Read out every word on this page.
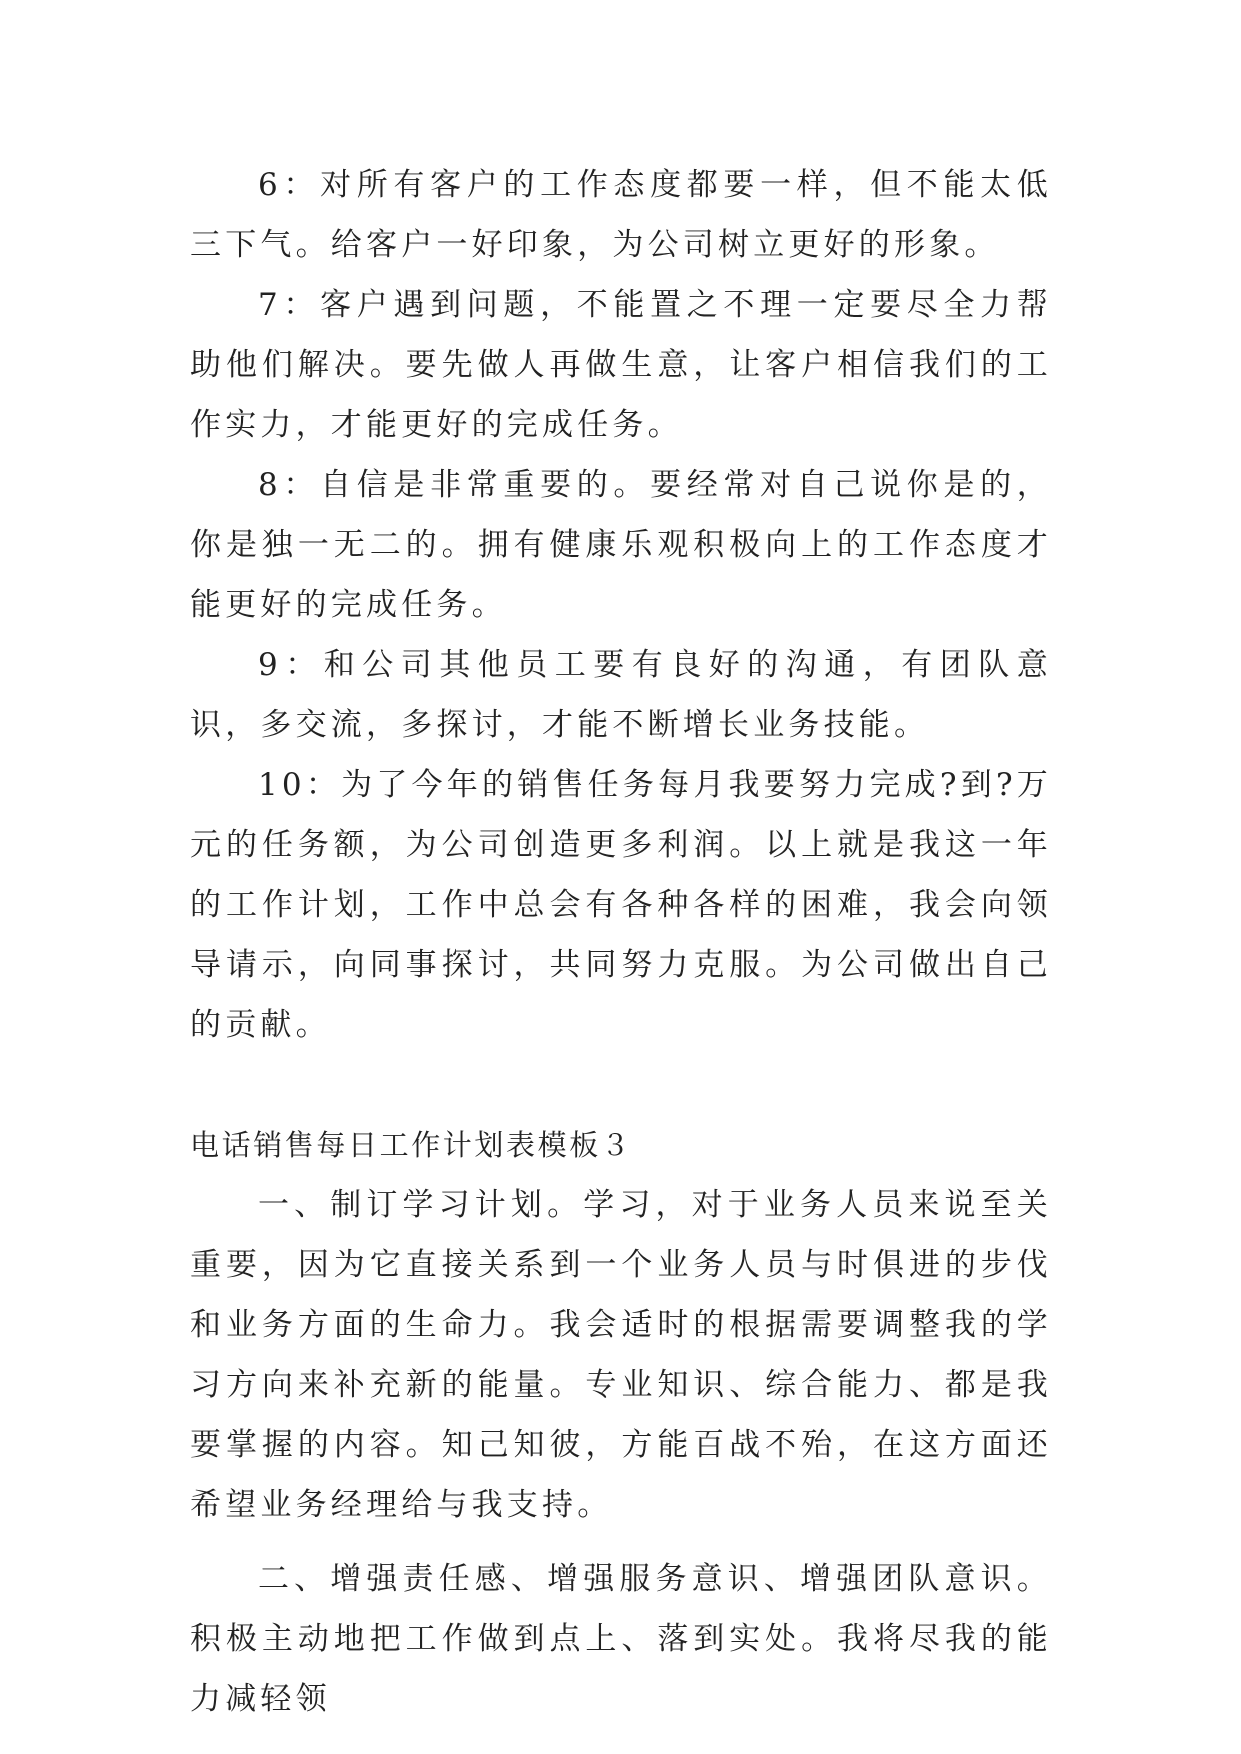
6：对所有客户的工作态度都要一样，但不能太低三下气。给客户一好印象，为公司树立更好的形象。

7：客户遇到问题，不能置之不理一定要尽全力帮助他们解决。要先做人再做生意，让客户相信我们的工作实力，才能更好的完成任务。

8：自信是非常重要的。要经常对自己说你是的，你是独一无二的。拥有健康乐观积极向上的工作态度才能更好的完成任务。

9：和公司其他员工要有良好的沟通，有团队意识，多交流，多探讨，才能不断增长业务技能。

10：为了今年的销售任务每月我要努力完成?到?万元的任务额，为公司创造更多利润。以上就是我这一年的工作计划，工作中总会有各种各样的困难，我会向领导请示，向同事探讨，共同努力克服。为公司做出自己的贡献。

电话销售每日工作计划表模板３

一、制订学习计划。学习，对于业务人员来说至关重要，因为它直接关系到一个业务人员与时俱进的步伐和业务方面的生命力。我会适时的根据需要调整我的学习方向来补充新的能量。专业知识、综合能力、都是我要掌握的内容。知己知彼，方能百战不殆，在这方面还希望业务经理给与我支持。

二、增强责任感、增强服务意识、增强团队意识。积极主动地把工作做到点上、落到实处。我将尽我的能力减轻领
